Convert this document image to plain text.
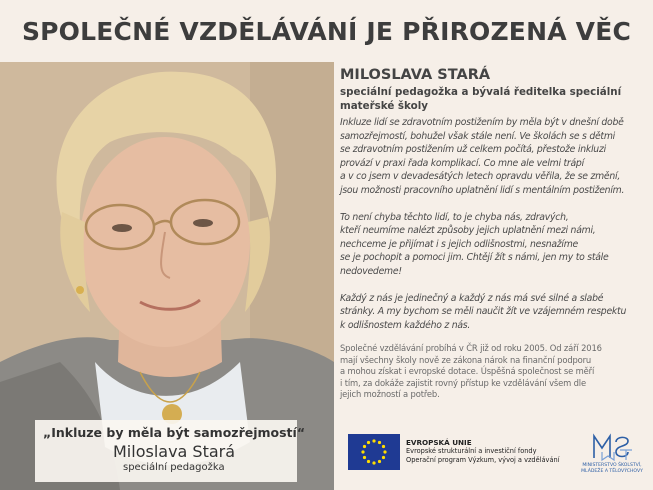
SPOLEČNÉ VZDĚLÁVÁNÍ JE PŘIROZENÁ VĚC
„Inkluze by měla být samozřejmostí“
Miloslava Stará
speciální pedagožka
MILOSLAVA STARÁ
speciální pedagožka a bývalá ředitelka speciální
mateřské školy
Inkluze lidí se zdravotním postižením by měla být v dnešní době
samozřejmostí, bohužel však stále není. Ve školách se s dětmi
se zdravotním postižením už celkem počítá, přestože inkluzi
provází v praxi řada komplikací. Co mne ale velmi trápí
a v co jsem v devadesátých letech opravdu věřila, že se změní,
jsou možnosti pracovního uplatnění lidí s mentálním postižením.
To není chyba těchto lidí, to je chyba nás, zdravých,
kteří neumíme nalézt způsoby jejich uplatnění mezi námi,
nechceme je přijímat i s jejich odlišnostmi, nesnažíme
se je pochopit a pomoci jim. Chtějí žít s námi, jen my to stále
nedovedeme!
Každý z nás je jedinečný a každý z nás má své silné a slabé
stránky. A my bychom se měli naučit žít ve vzájemném respektu
k odlišnostem každého z nás.
Společné vzdělávání probíhá v ČR již od roku 2005. Od září 2016
mají všechny školy nově ze zákona nárok na finanční podporu
a mohou získat i evropské dotace. Úspěšná společnost se měří
i tím, za dokáže zajistit rovný přístup ke vzdělávání všem dle
jejich možností a potřeb.
EVROPSKÁ UNIE
Evropské strukturální a investiční fondy
Operační program Výzkum, vývoj a vzdělávání
MINISTERSTVO ŠKOLSTVÍ,
MLÁDEŽE A TĚLOVÝCHOVY
